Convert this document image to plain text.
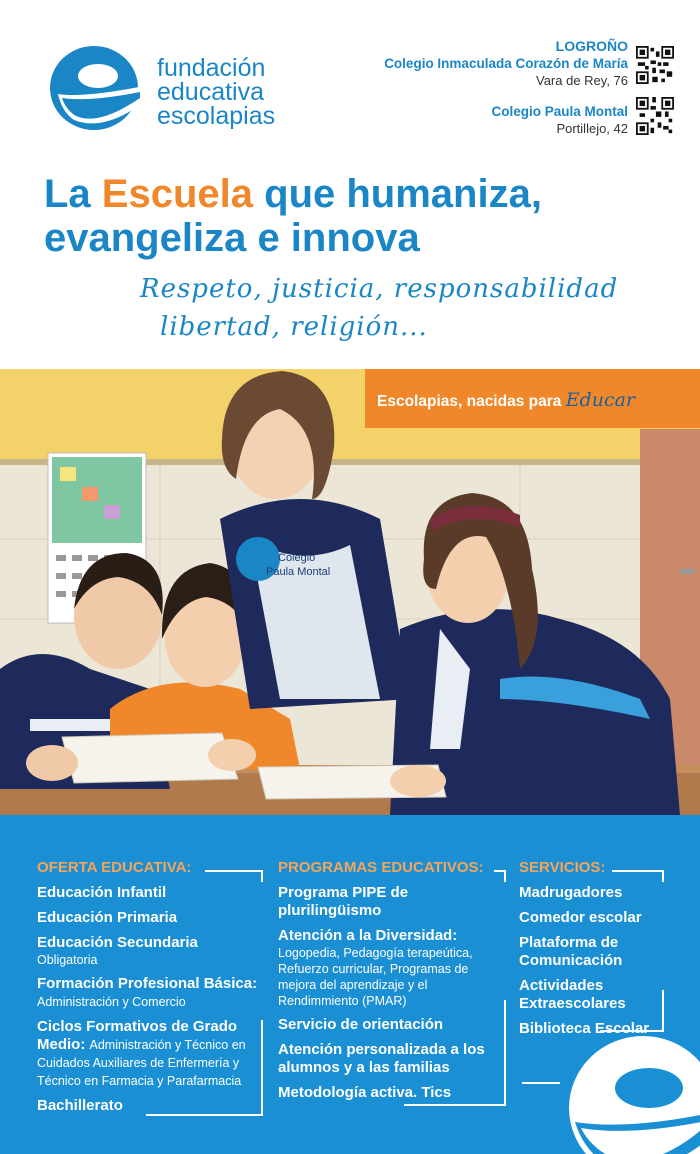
fundación
educativa
escolapias
LOGROÑO
Colegio Inmaculada Corazón de María
Vara de Rey, 76
Colegio Paula Montal
Portillejo, 42
La Escuela que humaniza,
evangeliza e innova
Respeto, justicia, responsabilidad
libertad, religión...
Colegio
Paula Montal
Escolapias, nacidas para Educar
OFERTA EDUCATIVA:
Educación Infantil
Educación Primaria
Educación Secundaria
Obligatoria
Formación Profesional Básica: Administración y Comercio
Ciclos Formativos de Grado Medio: Administración y Técnico en Cuidados Auxiliares de Enfermería y Técnico en Farmacia y Parafarmacia
Bachillerato
PROGRAMAS EDUCATIVOS:
Programa PIPE de plurilingüismo
Atención a la Diversidad:
Logopedia, Pedagogía terapeútica, Refuerzo curricular, Programas de mejora del aprendizaje y el Rendimmiento (PMAR)
Servicio de orientación
Atención personalizada a los alumnos y a las familias
Metodología activa. Tics
SERVICIOS:
Madrugadores
Comedor escolar
Plataforma de Comunicación
Actividades Extraescolares
Biblioteca Escolar
